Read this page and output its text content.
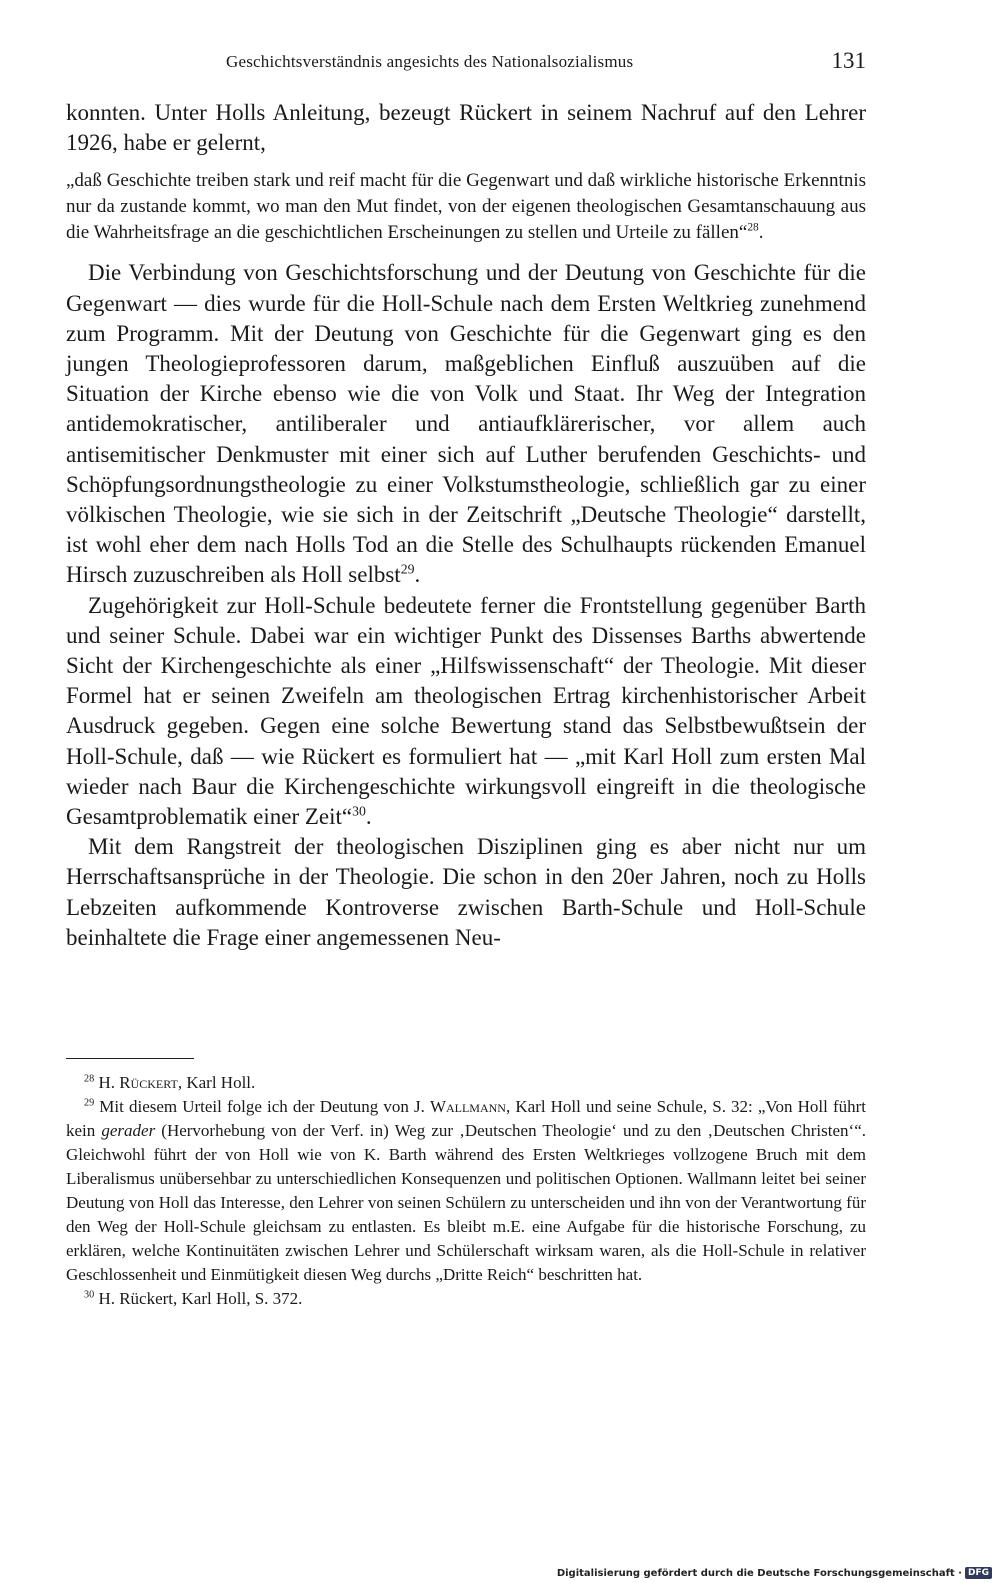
Geschichtsverständnis angesichts des Nationalsozialismus	131

konnten. Unter Holls Anleitung, bezeugt Rückert in seinem Nachruf auf den Lehrer 1926, habe er gelernt,

„daß Geschichte treiben stark und reif macht für die Gegenwart und daß wirkliche historische Erkenntnis nur da zustande kommt, wo man den Mut findet, von der eigenen theologischen Gesamtanschauung aus die Wahrheitsfrage an die geschichtlichen Erscheinungen zu stellen und Urteile zu fällen“$^{28}$.

Die Verbindung von Geschichtsforschung und der Deutung von Geschichte für die Gegenwart — dies wurde für die Holl-Schule nach dem Ersten Weltkrieg zunehmend zum Programm. Mit der Deutung von Geschichte für die Gegenwart ging es den jungen Theologieprofessoren darum, maßgeblichen Einfluß auszuüben auf die Situation der Kirche ebenso wie die von Volk und Staat. Ihr Weg der Integration antidemokratischer, antiliberaler und antiaufklärerischer, vor allem auch antisemitischer Denkmuster mit einer sich auf Luther berufenden Geschichts- und Schöpfungsordnungstheologie zu einer Volkstumstheologie, schließlich gar zu einer völkischen Theologie, wie sie sich in der Zeitschrift „Deutsche Theologie“ darstellt, ist wohl eher dem nach Holls Tod an die Stelle des Schulhaupts rückenden Emanuel Hirsch zuzuschreiben als Holl selbst$^{29}$.

Zugehörigkeit zur Holl-Schule bedeutete ferner die Frontstellung gegenüber Barth und seiner Schule. Dabei war ein wichtiger Punkt des Dissenses Barths abwertende Sicht der Kirchengeschichte als einer „Hilfswissenschaft“ der Theologie. Mit dieser Formel hat er seinen Zweifeln am theologischen Ertrag kirchenhistorischer Arbeit Ausdruck gegeben. Gegen eine solche Bewertung stand das Selbstbewußtsein der Holl-Schule, daß — wie Rückert es formuliert hat — „mit Karl Holl zum ersten Mal wieder nach Baur die Kirchengeschichte wirkungsvoll eingreift in die theologische Gesamtproblematik einer Zeit“$^{30}$.

Mit dem Rangstreit der theologischen Disziplinen ging es aber nicht nur um Herrschaftsansprüche in der Theologie. Die schon in den 20er Jahren, noch zu Holls Lebzeiten aufkommende Kontroverse zwischen Barth-Schule und Holl-Schule beinhaltete die Frage einer angemessenen Neu-

$^{28}$ H. Rückert, Karl Holl.

$^{29}$ Mit diesem Urteil folge ich der Deutung von J. Wallmann, Karl Holl und seine Schule, S. 32: „Von Holl führt kein gerader (Hervorhebung von der Verf. in) Weg zur ‚Deutschen Theologie‘ und zu den ‚Deutschen Christen‘“. Gleichwohl führt der von Holl wie von K. Barth während des Ersten Weltkrieges vollzogene Bruch mit dem Liberalismus unübersehbar zu unterschiedlichen Konsequenzen und politischen Optionen. Wallmann leitet bei seiner Deutung von Holl das Interesse, den Lehrer von seinen Schülern zu unterscheiden und ihn von der Verantwortung für den Weg der Holl-Schule gleichsam zu entlasten. Es bleibt m.E. eine Aufgabe für die historische Forschung, zu erklären, welche Kontinuitäten zwischen Lehrer und Schülerschaft wirksam waren, als die Holl-Schule in relativer Geschlossenheit und Einmütigkeit diesen Weg durchs „Dritte Reich“ beschritten hat.

$^{30}$ H. Rückert, Karl Holl, S. 372.

Digitalisierung gefördert durch die Deutsche Forschungsgemeinschaft · DFG
